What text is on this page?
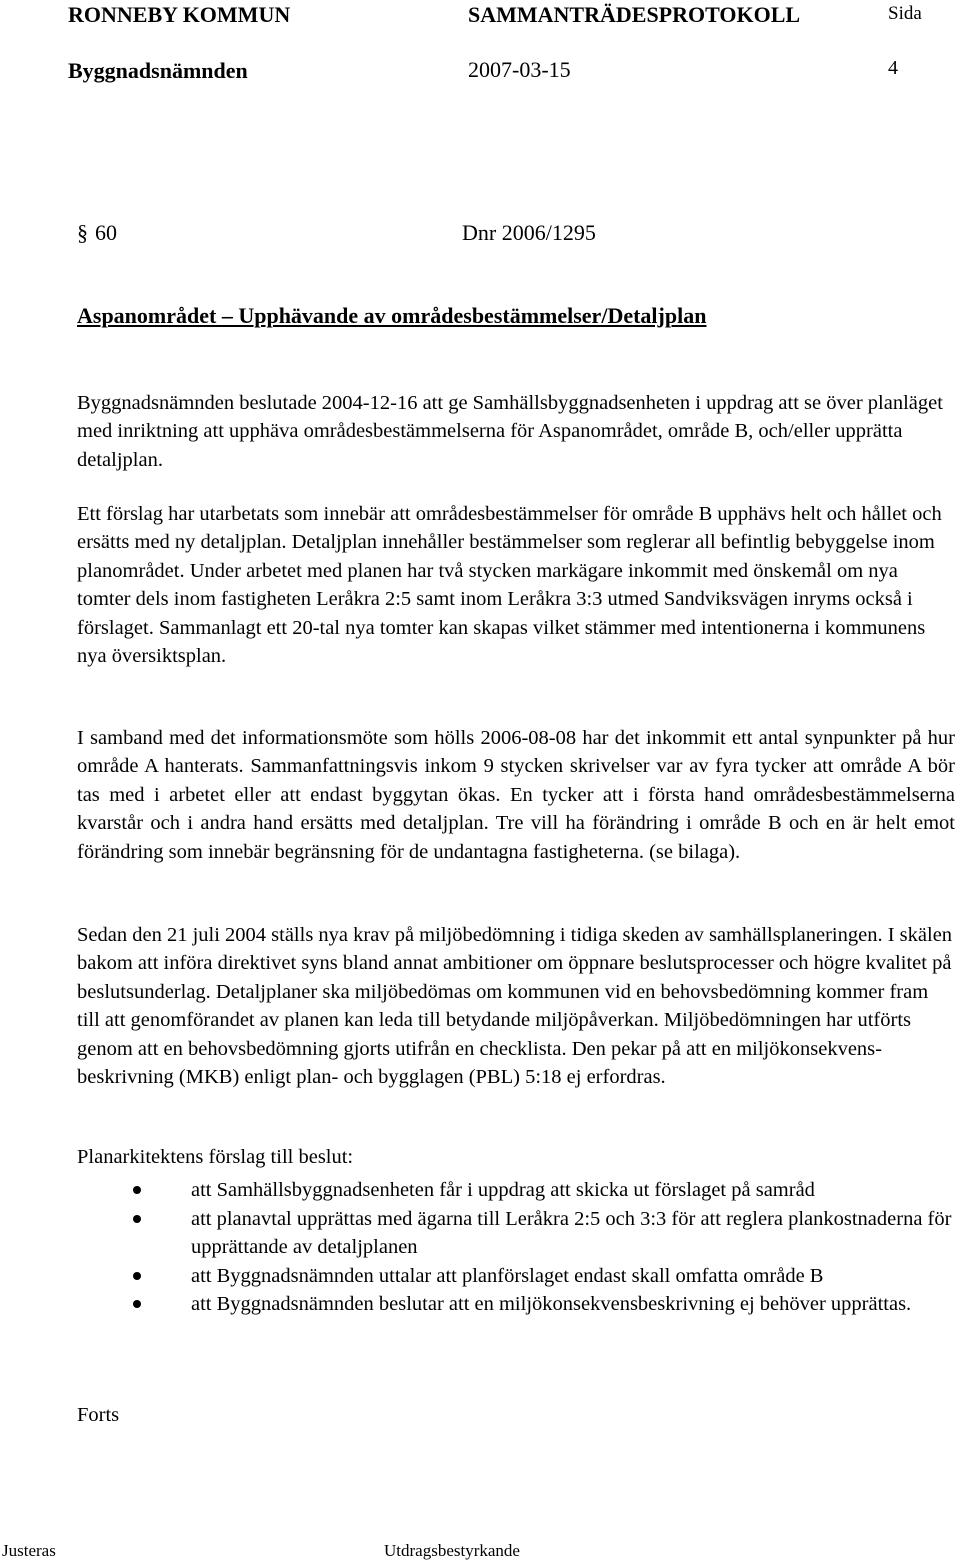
RONNEBY KOMMUN	SAMMANTRÄDESPROTOKOLL	Sida
Byggnadsnämnden	2007-03-15	4
§ 60	Dnr 2006/1295
Aspanområdet – Upphävande av områdesbestämmelser/Detaljplan

Byggnadsnämnden beslutade 2004-12-16 att ge Samhällsbyggnadsenheten i uppdrag att se över planläget med inriktning att upphäva områdesbestämmelserna för Aspanområdet, område B, och/eller upprätta detaljplan.

Ett förslag har utarbetats som innebär att områdesbestämmelser för område B upphävs helt och hållet och ersätts med ny detaljplan. Detaljplan innehåller bestämmelser som reglerar all befintlig bebyggelse inom planområdet. Under arbetet med planen har två stycken markägare inkommit med önskemål om nya tomter dels inom fastigheten Leråkra 2:5 samt inom Leråkra 3:3 utmed Sandviksvägen inryms också i förslaget. Sammanlagt ett 20-tal nya tomter kan skapas vilket stämmer med intentionerna i kommunens nya översiktsplan.

I samband med det informationsmöte som hölls 2006-08-08 har det inkommit ett antal synpunkter på hur område A hanterats. Sammanfattningsvis inkom 9 stycken skrivelser var av fyra tycker att område A bör tas med i arbetet eller att endast byggytan ökas. En tycker att i första hand områdesbestämmelserna kvarstår och i andra hand ersätts med detaljplan. Tre vill ha förändring i område B och en är helt emot förändring som innebär begränsning för de undantagna fastigheterna. (se bilaga).

Sedan den 21 juli 2004 ställs nya krav på miljöbedömning i tidiga skeden av samhällsplaneringen. I skälen bakom att införa direktivet syns bland annat ambitioner om öppnare beslutsprocesser och högre kvalitet på beslutsunderlag. Detaljplaner ska miljöbedömas om kommunen vid en behovsbedömning kommer fram till att genomförandet av planen kan leda till betydande miljöpåverkan. Miljöbedömningen har utförts genom att en behovsbedömning gjorts utifrån en checklista. Den pekar på att en miljökonsekvensbeskrivning (MKB) enligt plan- och bygglagen (PBL) 5:18 ej erfordras.

Planarkitektens förslag till beslut:
att Samhällsbyggnadsenheten får i uppdrag att skicka ut förslaget på samråd
att planavtal upprättas med ägarna till Leråkra 2:5 och 3:3 för att reglera plankostnaderna för upprättande av detaljplanen
att Byggnadsnämnden uttalar att planförslaget endast skall omfatta område B
att Byggnadsnämnden beslutar att en miljökonsekvensbeskrivning ej behöver upprättas.
Forts
Justeras	Utdragsbestyrkande
